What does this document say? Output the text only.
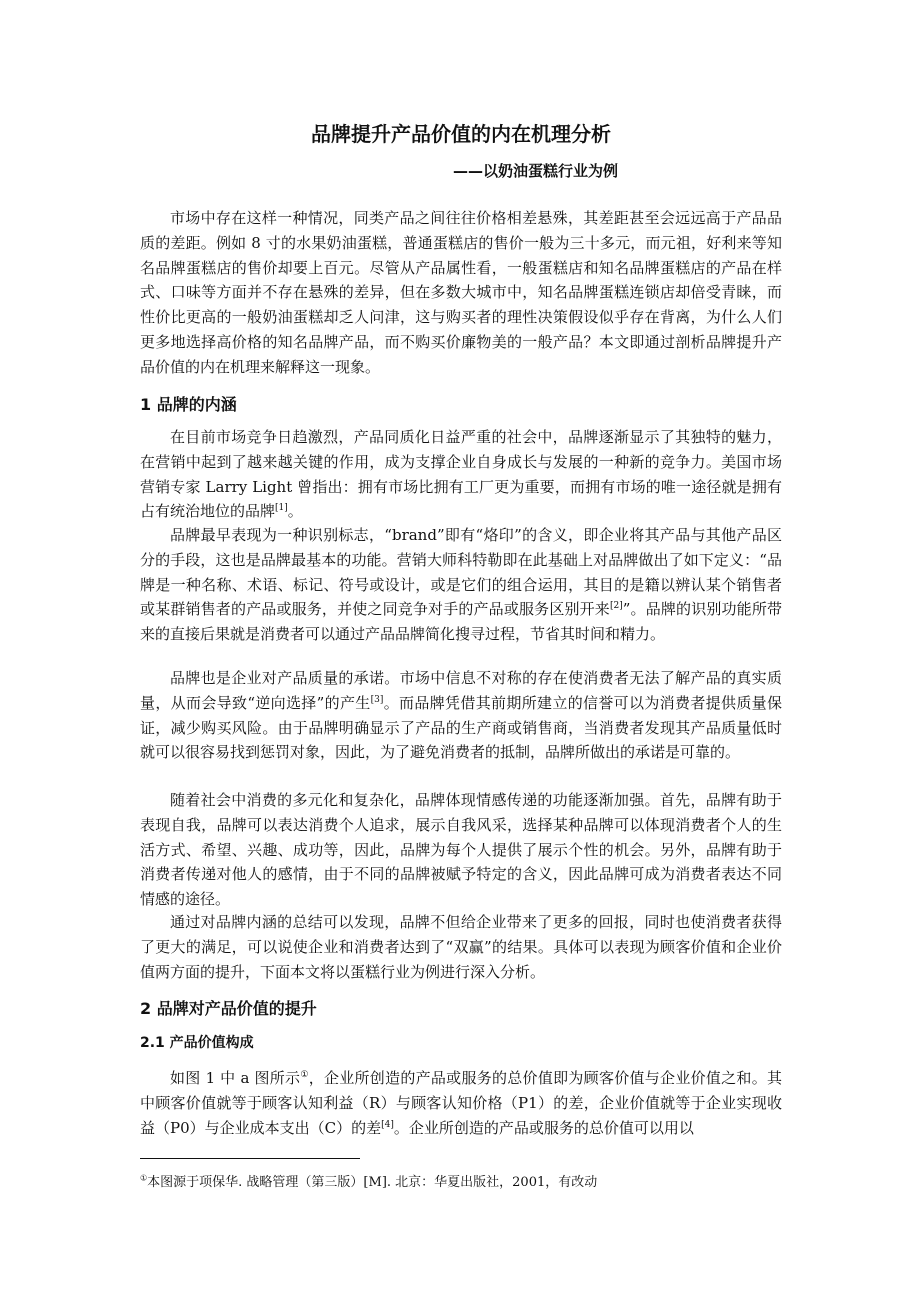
品牌提升产品价值的内在机理分析
——以奶油蛋糕行业为例

市场中存在这样一种情况，同类产品之间往往价格相差悬殊，其差距甚至会远远高于产品品质的差距。例如 8 寸的水果奶油蛋糕，普通蛋糕店的售价一般为三十多元，而元祖，好利来等知名品牌蛋糕店的售价却要上百元。尽管从产品属性看，一般蛋糕店和知名品牌蛋糕店的产品在样式、口味等方面并不存在悬殊的差异，但在多数大城市中，知名品牌蛋糕连锁店却倍受青睐，而性价比更高的一般奶油蛋糕却乏人问津，这与购买者的理性决策假设似乎存在背离，为什么人们更多地选择高价格的知名品牌产品，而不购买价廉物美的一般产品？本文即通过剖析品牌提升产品价值的内在机理来解释这一现象。

1 品牌的内涵

在目前市场竞争日趋激烈，产品同质化日益严重的社会中，品牌逐渐显示了其独特的魅力，在营销中起到了越来越关键的作用，成为支撑企业自身成长与发展的一种新的竞争力。美国市场营销专家 Larry Light 曾指出：拥有市场比拥有工厂更为重要，而拥有市场的唯一途径就是拥有占有统治地位的品牌[1]。

品牌最早表现为一种识别标志，“brand”即有“烙印”的含义，即企业将其产品与其他产品区分的手段，这也是品牌最基本的功能。营销大师科特勒即在此基础上对品牌做出了如下定义：“品牌是一种名称、术语、标记、符号或设计，或是它们的组合运用，其目的是籍以辨认某个销售者或某群销售者的产品或服务，并使之同竞争对手的产品或服务区别开来[2]”。品牌的识别功能所带来的直接后果就是消费者可以通过产品品牌简化搜寻过程，节省其时间和精力。

品牌也是企业对产品质量的承诺。市场中信息不对称的存在使消费者无法了解产品的真实质量，从而会导致“逆向选择”的产生[3]。而品牌凭借其前期所建立的信誉可以为消费者提供质量保证，减少购买风险。由于品牌明确显示了产品的生产商或销售商，当消费者发现其产品质量低时就可以很容易找到惩罚对象，因此，为了避免消费者的抵制，品牌所做出的承诺是可靠的。

随着社会中消费的多元化和复杂化，品牌体现情感传递的功能逐渐加强。首先，品牌有助于表现自我，品牌可以表达消费个人追求，展示自我风采，选择某种品牌可以体现消费者个人的生活方式、希望、兴趣、成功等，因此，品牌为每个人提供了展示个性的机会。另外，品牌有助于消费者传递对他人的感情，由于不同的品牌被赋予特定的含义，因此品牌可成为消费者表达不同情感的途径。

通过对品牌内涵的总结可以发现，品牌不但给企业带来了更多的回报，同时也使消费者获得了更大的满足，可以说使企业和消费者达到了“双赢”的结果。具体可以表现为顾客价值和企业价值两方面的提升，下面本文将以蛋糕行业为例进行深入分析。

2 品牌对产品价值的提升
2.1 产品价值构成

如图 1 中 a 图所示①，企业所创造的产品或服务的总价值即为顾客价值与企业价值之和。其中顾客价值就等于顾客认知利益（R）与顾客认知价格（P1）的差，企业价值就等于企业实现收益（P0）与企业成本支出（C）的差[4]。企业所创造的产品或服务的总价值可以用以

①本图源于项保华. 战略管理（第三版）[M]. 北京：华夏出版社，2001，有改动
